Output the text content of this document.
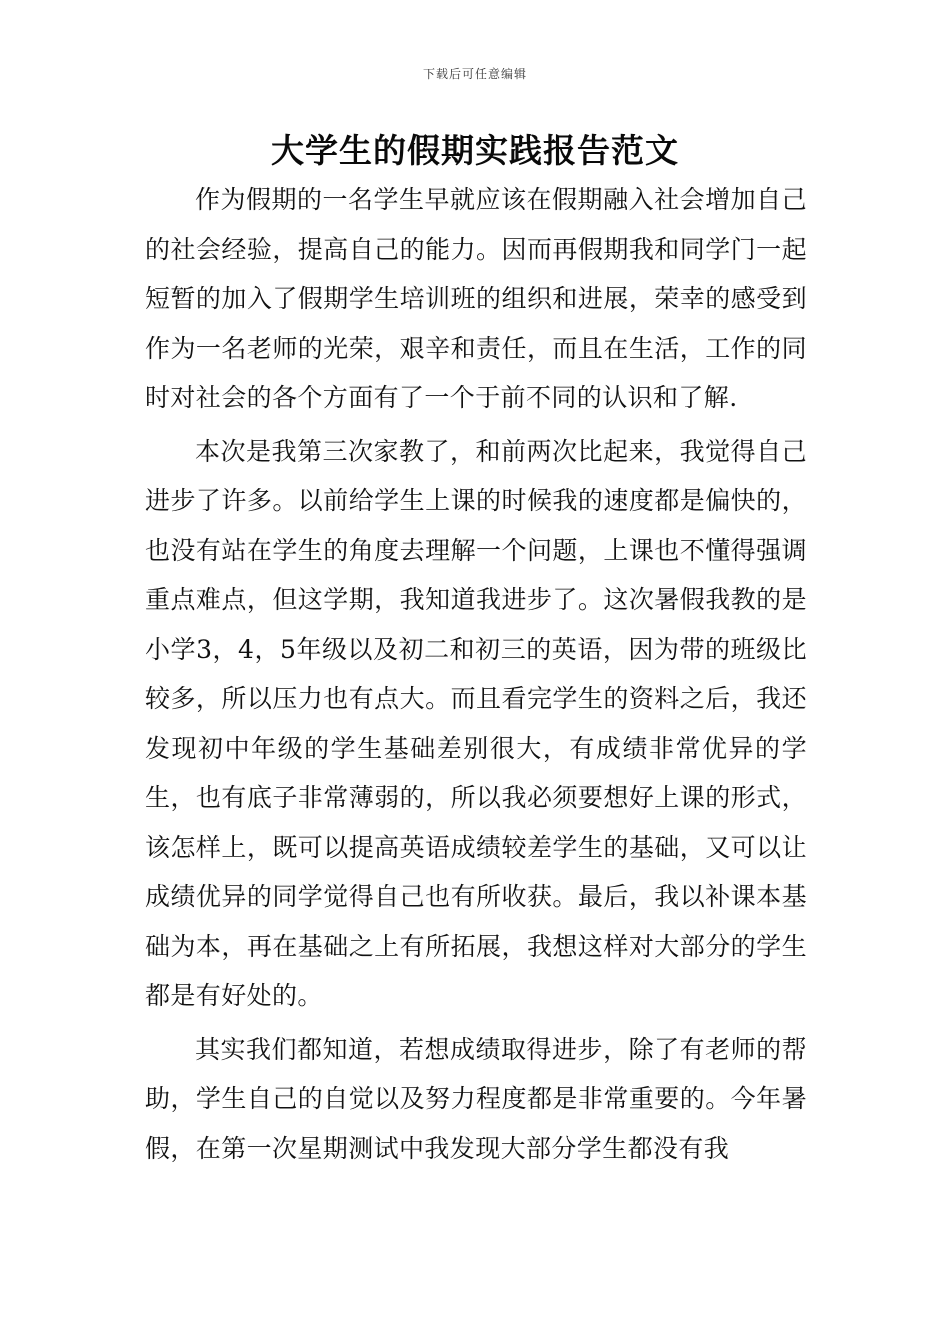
下载后可任意编辑
大学生的假期实践报告范文

作为假期的一名学生早就应该在假期融入社会增加自己的社会经验，提高自己的能力。因而再假期我和同学门一起短暂的加入了假期学生培训班的组织和进展，荣幸的感受到作为一名老师的光荣，艰辛和责任，而且在生活，工作的同时对社会的各个方面有了一个于前不同的认识和了解.

本次是我第三次家教了，和前两次比起来，我觉得自己进步了许多。以前给学生上课的时候我的速度都是偏快的，也没有站在学生的角度去理解一个问题，上课也不懂得强调重点难点，但这学期，我知道我进步了。这次暑假我教的是小学3，4，5年级以及初二和初三的英语，因为带的班级比较多，所以压力也有点大。而且看完学生的资料之后，我还发现初中年级的学生基础差别很大，有成绩非常优异的学生，也有底子非常薄弱的，所以我必须要想好上课的形式，该怎样上，既可以提高英语成绩较差学生的基础，又可以让成绩优异的同学觉得自己也有所收获。最后，我以补课本基础为本，再在基础之上有所拓展，我想这样对大部分的学生都是有好处的。

其实我们都知道，若想成绩取得进步，除了有老师的帮助，学生自己的自觉以及努力程度都是非常重要的。今年暑假，在第一次星期测试中我发现大部分学生都没有我
